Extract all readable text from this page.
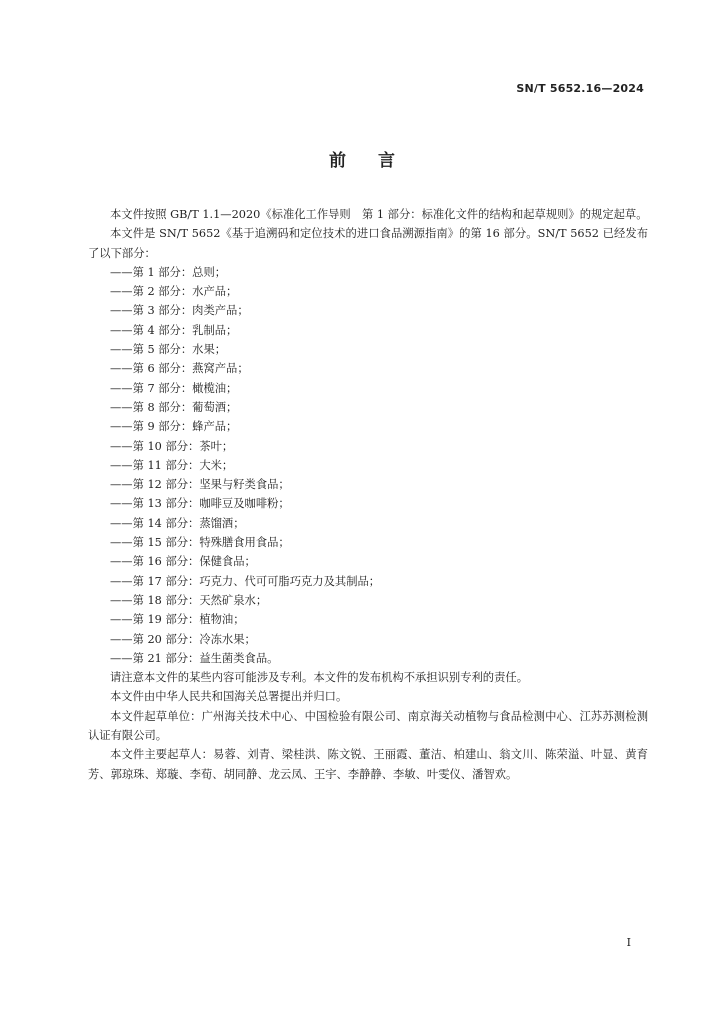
SN/T 5652.16—2024
前言

本文件按照 GB/T 1.1—2020《标准化工作导则　第 1 部分：标准化文件的结构和起草规则》的规定起草。

本文件是 SN/T 5652《基于追溯码和定位技术的进口食品溯源指南》的第 16 部分。SN/T 5652 已经发布了以下部分：

——第 1 部分：总则；
——第 2 部分：水产品；
——第 3 部分：肉类产品；
——第 4 部分：乳制品；
——第 5 部分：水果；
——第 6 部分：燕窝产品；
——第 7 部分：橄榄油；
——第 8 部分：葡萄酒；
——第 9 部分：蜂产品；
——第 10 部分：茶叶；
——第 11 部分：大米；
——第 12 部分：坚果与籽类食品；
——第 13 部分：咖啡豆及咖啡粉；
——第 14 部分：蒸馏酒；
——第 15 部分：特殊膳食用食品；
——第 16 部分：保健食品；
——第 17 部分：巧克力、代可可脂巧克力及其制品；
——第 18 部分：天然矿泉水；
——第 19 部分：植物油；
——第 20 部分：冷冻水果；
——第 21 部分：益生菌类食品。

请注意本文件的某些内容可能涉及专利。本文件的发布机构不承担识别专利的责任。

本文件由中华人民共和国海关总署提出并归口。

本文件起草单位：广州海关技术中心、中国检验有限公司、南京海关动植物与食品检测中心、江苏苏测检测认证有限公司。

本文件主要起草人：易蓉、刘青、梁桂洪、陈文锐、王丽霞、董洁、柏建山、翁文川、陈荣溢、叶显、黄育芳、郭琼珠、郑璇、李荀、胡同静、龙云凤、王宇、李静静、李敏、叶雯仪、潘智欢。

I
